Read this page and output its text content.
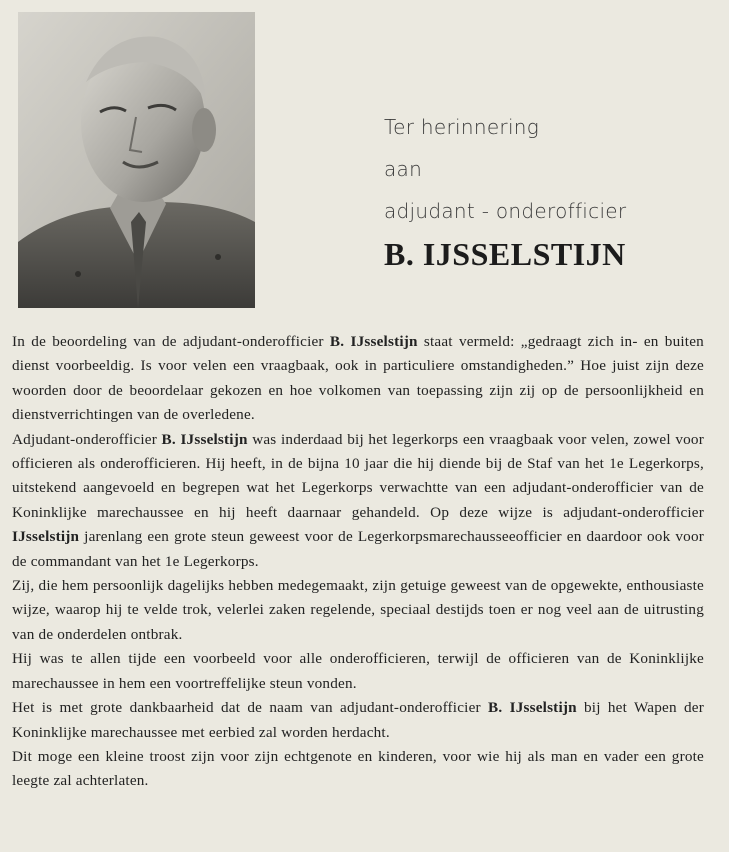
Ter herinnering
aan
adjudant - onderofficier
B. IJSSELSTIJN

In de beoordeling van de adjudant-onderofficier B. IJsselstijn staat vermeld: „gedraagt zich in- en buiten dienst voorbeeldig. Is voor velen een vraagbaak, ook in particuliere omstandigheden.” Hoe juist zijn deze woorden door de beoordelaar gekozen en hoe volkomen van toepassing zijn zij op de persoonlijkheid en dienstverrichtingen van de overledene.

Adjudant-onderofficier B. IJsselstijn was inderdaad bij het legerkorps een vraagbaak voor velen, zowel voor officieren als onderofficieren. Hij heeft, in de bijna 10 jaar die hij diende bij de Staf van het 1e Legerkorps, uitstekend aangevoeld en begrepen wat het Legerkorps verwachtte van een adjudant-onderofficier van de Koninklijke marechaussee en hij heeft daarnaar gehandeld. Op deze wijze is adjudant-onderofficier IJsselstijn jarenlang een grote steun geweest voor de Legerkorpsmarechausseeofficier en daardoor ook voor de commandant van het 1e Legerkorps.

Zij, die hem persoonlijk dagelijks hebben medegemaakt, zijn getuige geweest van de opgewekte, enthousiaste wijze, waarop hij te velde trok, velerlei zaken regelende, speciaal destijds toen er nog veel aan de uitrusting van de onderdelen ontbrak.

Hij was te allen tijde een voorbeeld voor alle onderofficieren, terwijl de officieren van de Koninklijke marechaussee in hem een voortreffelijke steun vonden.

Het is met grote dankbaarheid dat de naam van adjudant-onderofficier B. IJsselstijn bij het Wapen der Koninklijke marechaussee met eerbied zal worden herdacht.

Dit moge een kleine troost zijn voor zijn echtgenote en kinderen, voor wie hij als man en vader een grote leegte zal achterlaten.
